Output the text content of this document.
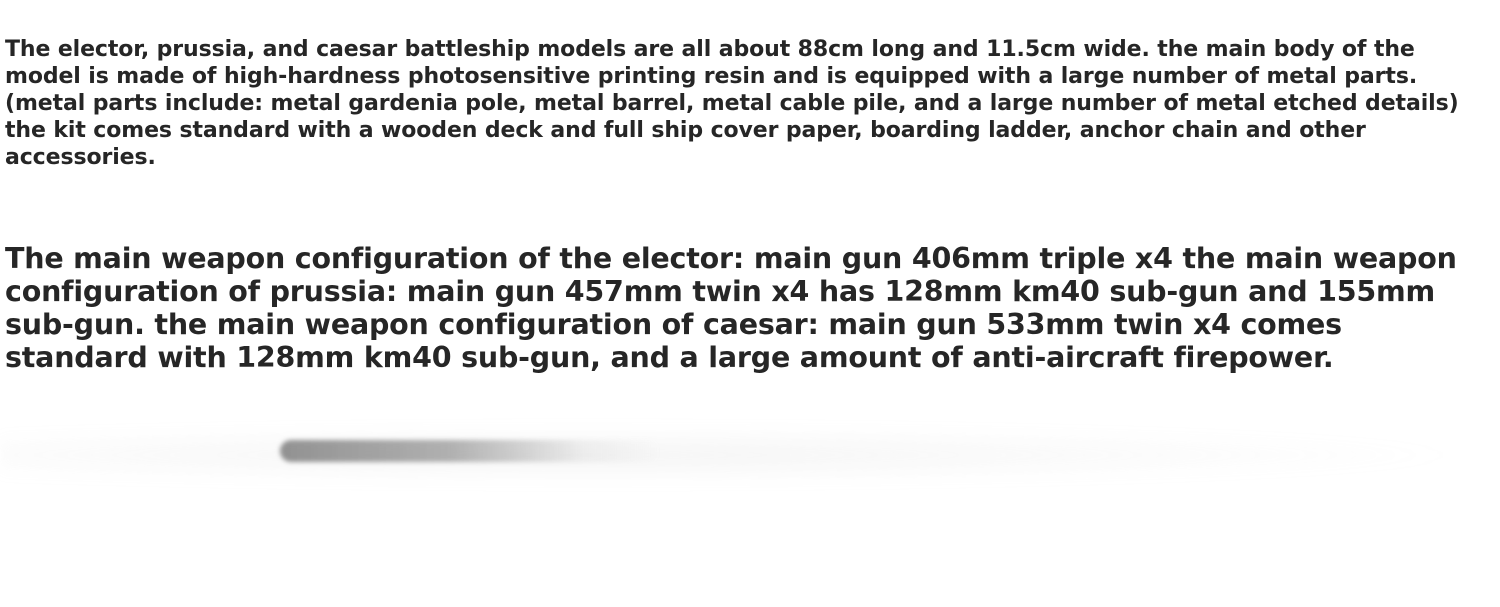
The elector, prussia, and caesar battleship models are all about 88cm long and 11.5cm wide. the main body of the model is made of high-hardness photosensitive printing resin and is equipped with a large number of metal parts. (metal parts include: metal gardenia pole, metal barrel, metal cable pile, and a large number of metal etched details) the kit comes standard with a wooden deck and full ship cover paper, boarding ladder, anchor chain and other accessories.

The main weapon configuration of the elector: main gun 406mm triple x4 the main weapon configuration of prussia: main gun 457mm twin x4 has 128mm km40 sub-gun and 155mm sub-gun. the main weapon configuration of caesar: main gun 533mm twin x4 comes standard with 128mm km40 sub-gun, and a large amount of anti-aircraft firepower.
